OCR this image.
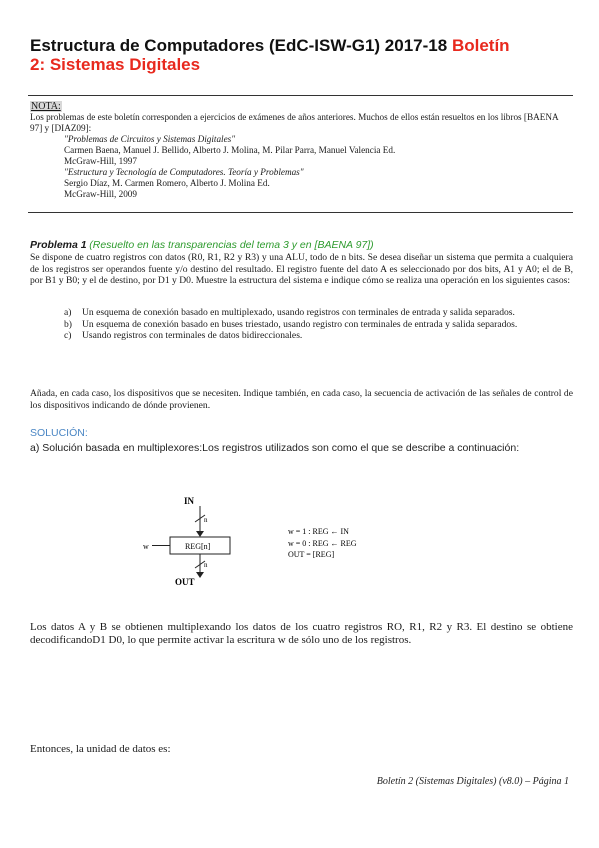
Estructura de Computadores (EdC-ISW-G1) 2017-18 Boletín
2: Sistemas Digitales
NOTA:
Los problemas de este boletín corresponden a ejercicios de exámenes de años anteriores. Muchos de ellos están resueltos en los libros [BAENA 97] y [DIAZ09]:
"Problemas de Circuitos y Sistemas Digitales"
Carmen Baena, Manuel J. Bellido, Alberto J. Molina, M. Pilar Parra, Manuel Valencia Ed.
McGraw-Hill, 1997
"Estructura y Tecnología de Computadores. Teoría y Problemas"
Sergio Díaz, M. Carmen Romero, Alberto J. Molina Ed.
McGraw-Hill, 2009
Problema 1 (Resuelto en las transparencias del tema 3 y en [BAENA 97])
Se dispone de cuatro registros con datos (R0, R1, R2 y R3) y una ALU, todo de n bits. Se desea diseñar un sistema que permita a cualquiera de los registros ser operandos fuente y/o destino del resultado. El registro fuente del dato A es seleccionado por dos bits, A1 y A0; el de B, por B1 y B0; y el de destino, por D1 y D0. Muestre la estructura del sistema e indique cómo se realiza una operación en los siguientes casos:
a) Un esquema de conexión basado en multiplexado, usando registros con terminales de entrada y salida separados.
b) Un esquema de conexión basado en buses triestado, usando registro con terminales de entrada y salida separados.
c) Usando registros con terminales de datos bidireccionales.
Añada, en cada caso, los dispositivos que se necesiten. Indique también, en cada caso, la secuencia de activación de las señales de control de los dispositivos indicando de dónde provienen.
SOLUCIÓN:
a) Solución basada en multiplexores:Los registros utilizados son como el que se describe a continuación:
IN
n
REG[n]
w
n
OUT
w = 1 : REG ← IN
w = 0 : REG ← REG
OUT = [REG]
Los datos A y B se obtienen multiplexando los datos de los cuatro registros RO, R1, R2 y R3. El destino se obtiene decodificandoD1 D0, lo que permite activar la escritura w de sólo uno de los registros.
Entonces, la unidad de datos es:
Boletín 2 (Sistemas Digitales) (v8.0) – Página 1
